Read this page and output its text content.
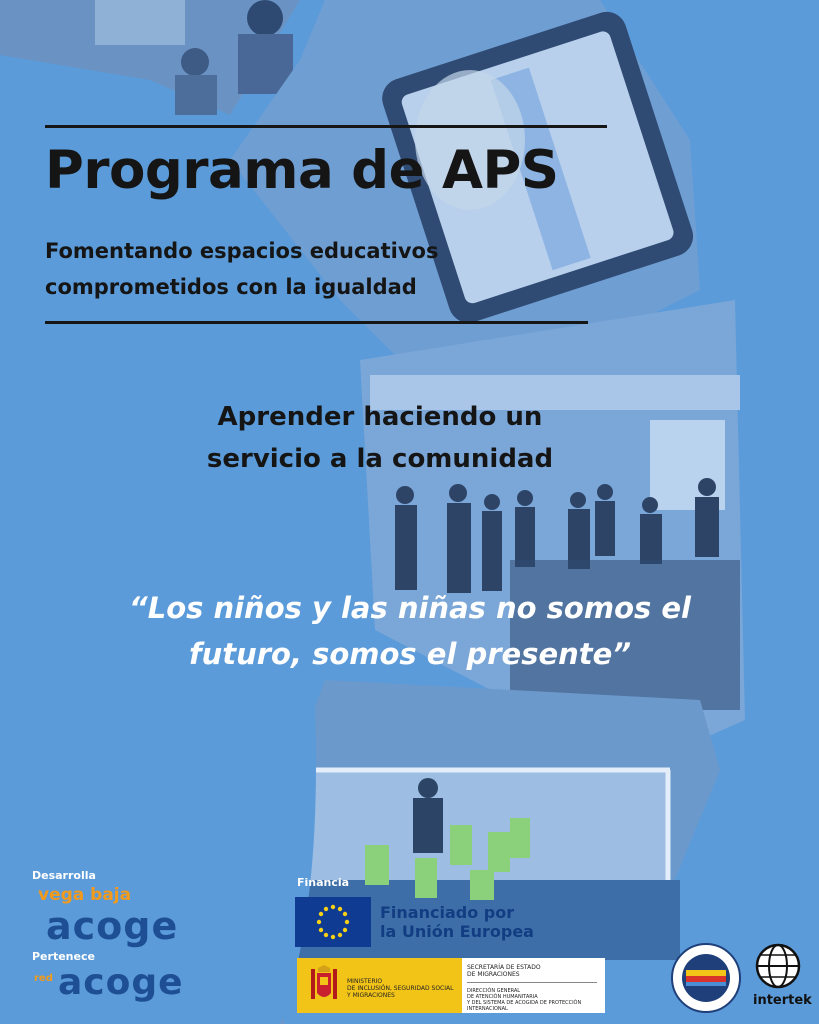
Programa de APS
Fomentando espacios educativos
comprometidos con la igualdad
Aprender haciendo un
servicio a la comunidad
“Los niños y las niñas no somos el
futuro, somos el presente”
Desarrolla
vega baja
acoge
Pertenece
red acoge
Financia
Financiado por
la Unión Europea
MINISTERIO
DE INCLUSIÓN, SEGURIDAD SOCIAL
Y MIGRACIONES
SECRETARÍA DE ESTADO
DE MIGRACIONES
DIRECCIÓN GENERAL
DE ATENCIÓN HUMANITARIA
Y DEL SISTEMA DE ACOGIDA DE PROTECCIÓN INTERNACIONAL
intertek
